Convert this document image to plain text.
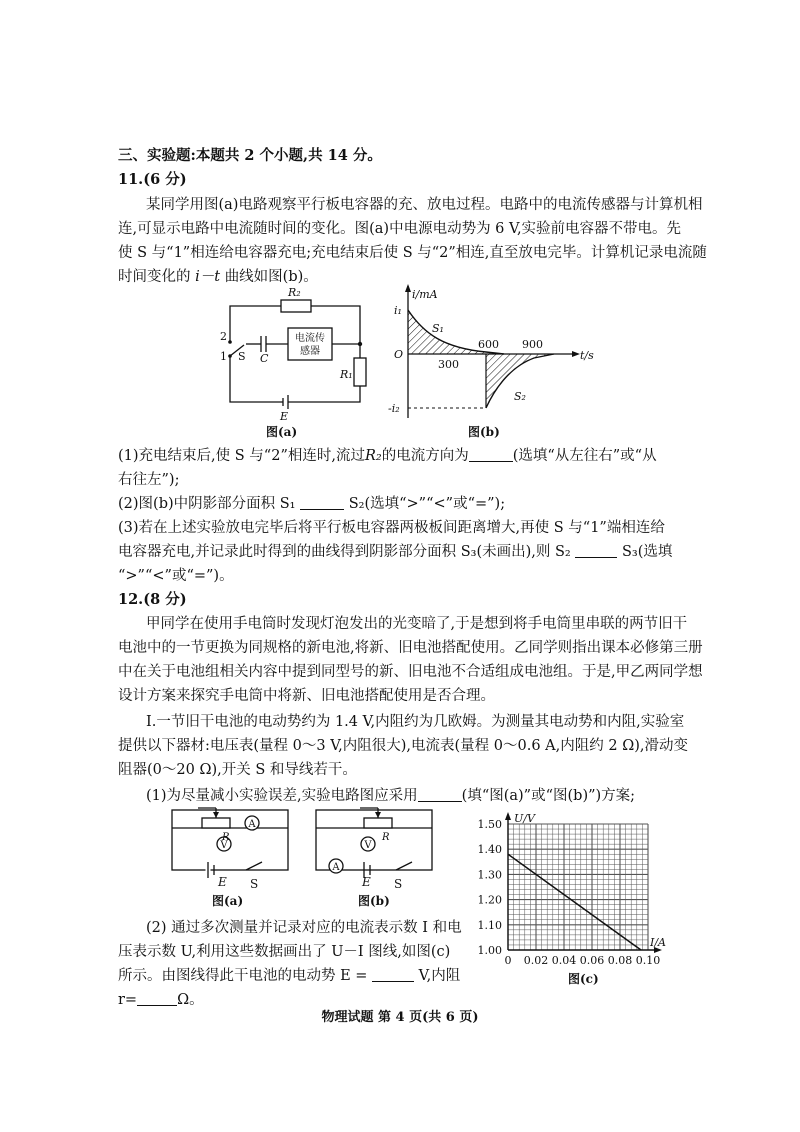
三、实验题:本题共 2 个小题,共 14 分。
11.(6 分)
某同学用图(a)电路观察平行板电容器的充、放电过程。电路中的电流传感器与计算机相
连,可显示电路中电流随时间的变化。图(a)中电源电动势为 6 V,实验前电容器不带电。先
使 S 与“1”相连给电容器充电;充电结束后使 S 与“2”相连,直至放电完毕。计算机记录电流随
时间变化的 i－t 曲线如图(b)。
R₂
2
1 S C
电流传
感器
R₁
E
图(a)
i/mA
t/s
O
i₁
-i₂
S₁
S₂
300
600 900
图(b)
(1)充电结束后,使 S 与“2”相连时,流过R₂的电流方向为	(选填“从左往右”或“从
右往左”);
(2)图(b)中阴影部分面积 S₁	S₂(选填“>”“<”或“=”);
(3)若在上述实验放电完毕后将平行板电容器两极板间距离增大,再使 S 与“1”端相连给
电容器充电,并记录此时得到的曲线得到阴影部分面积 S₃(未画出),则 S₂	S₃(选填
“>”“<”或“=”)。
12.(8 分)
甲同学在使用手电筒时发现灯泡发出的光变暗了,于是想到将手电筒里串联的两节旧干
电池中的一节更换为同规格的新电池,将新、旧电池搭配使用。乙同学则指出课本必修第三册
中在关于电池组相关内容中提到同型号的新、旧电池不合适组成电池组。于是,甲乙两同学想
设计方案来探究手电筒中将新、旧电池搭配使用是否合理。
Ⅰ.一节旧干电池的电动势约为 1.4 V,内阻约为几欧姆。为测量其电动势和内阻,实验室
提供以下器材:电压表(量程 0～3 V,内阻很大),电流表(量程 0～0.6 A,内阻约 2 Ω),滑动变
阻器(0～20 Ω),开关 S 和导线若干。
(1)为尽量减小实验误差,实验电路图应采用	(填“图(a)”或“图(b)”)方案;
A
V
R
E S
图(a)
A
V
R
E S
图(b)
(2) 通过多次测量并记录对应的电流表示数 I 和电
压表示数 U,利用这些数据画出了 U－I 图线,如图(c)
所示。由图线得此干电池的电动势 E =	V,内阻
r=	Ω。
0 0.02 0.04 0.06 0.08 0.10
1.00
1.10
1.20
1.30
1.40
1.50 U/V
I/A
图(c)
物理试题 第 4 页(共 6 页)
